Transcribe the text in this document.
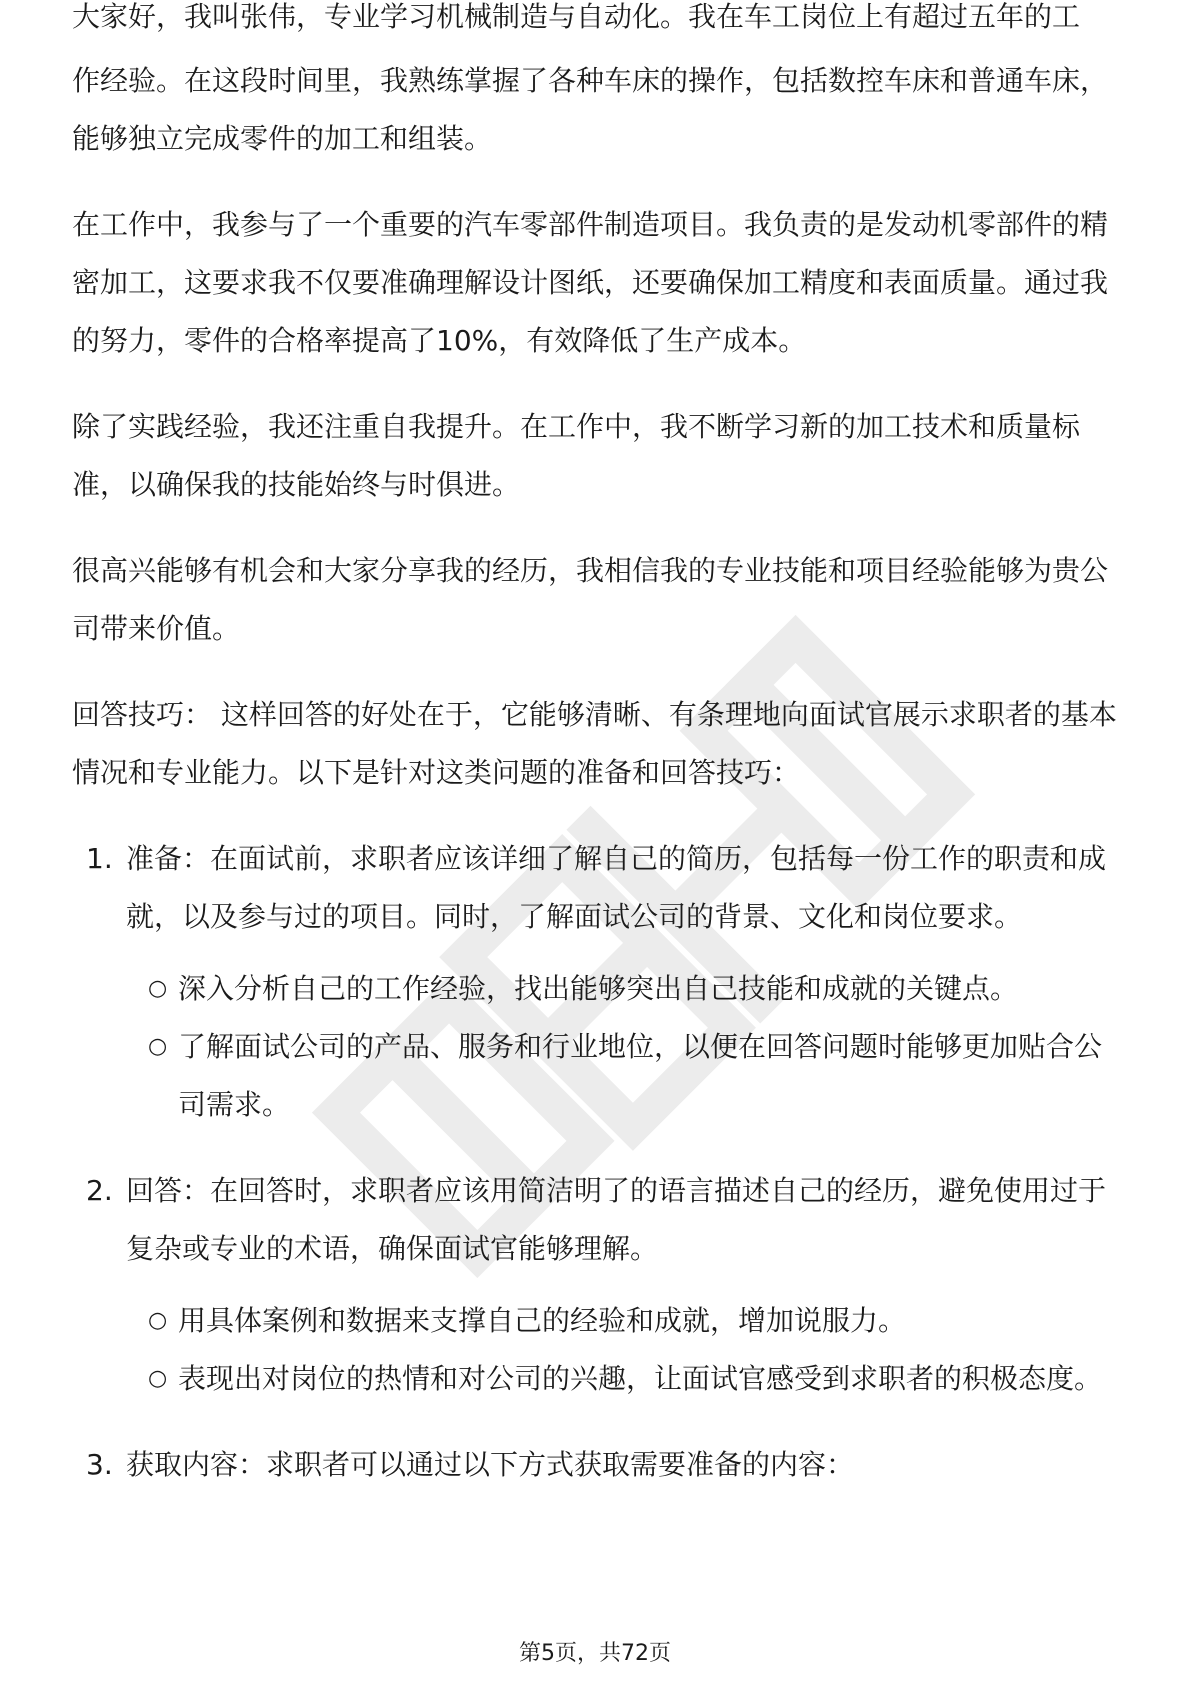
大家好，我叫张伟，专业学习机械制造与自动化。我在车工岗位上有超过五年的工

作经验。在这段时间里，我熟练掌握了各种车床的操作，包括数控车床和普通车床，能够独立完成零件的加工和组装。

在工作中，我参与了一个重要的汽车零部件制造项目。我负责的是发动机零部件的精密加工，这要求我不仅要准确理解设计图纸，还要确保加工精度和表面质量。通过我的努力，零件的合格率提高了10%，有效降低了生产成本。

除了实践经验，我还注重自我提升。在工作中，我不断学习新的加工技术和质量标准，以确保我的技能始终与时俱进。

很高兴能够有机会和大家分享我的经历，我相信我的专业技能和项目经验能够为贵公司带来价值。

回答技巧： 这样回答的好处在于，它能够清晰、有条理地向面试官展示求职者的基本情况和专业能力。以下是针对这类问题的准备和回答技巧：

1. 准备：在面试前，求职者应该详细了解自己的简历，包括每一份工作的职责和成就，以及参与过的项目。同时，了解面试公司的背景、文化和岗位要求。
○ 深入分析自己的工作经验，找出能够突出自己技能和成就的关键点。
○ 了解面试公司的产品、服务和行业地位，以便在回答问题时能够更加贴合公司需求。
2. 回答：在回答时，求职者应该用简洁明了的语言描述自己的经历，避免使用过于复杂或专业的术语，确保面试官能够理解。
○ 用具体案例和数据来支撑自己的经验和成就，增加说服力。
○ 表现出对岗位的热情和对公司的兴趣，让面试官感受到求职者的积极态度。
3. 获取内容：求职者可以通过以下方式获取需要准备的内容：
第5页，共72页
